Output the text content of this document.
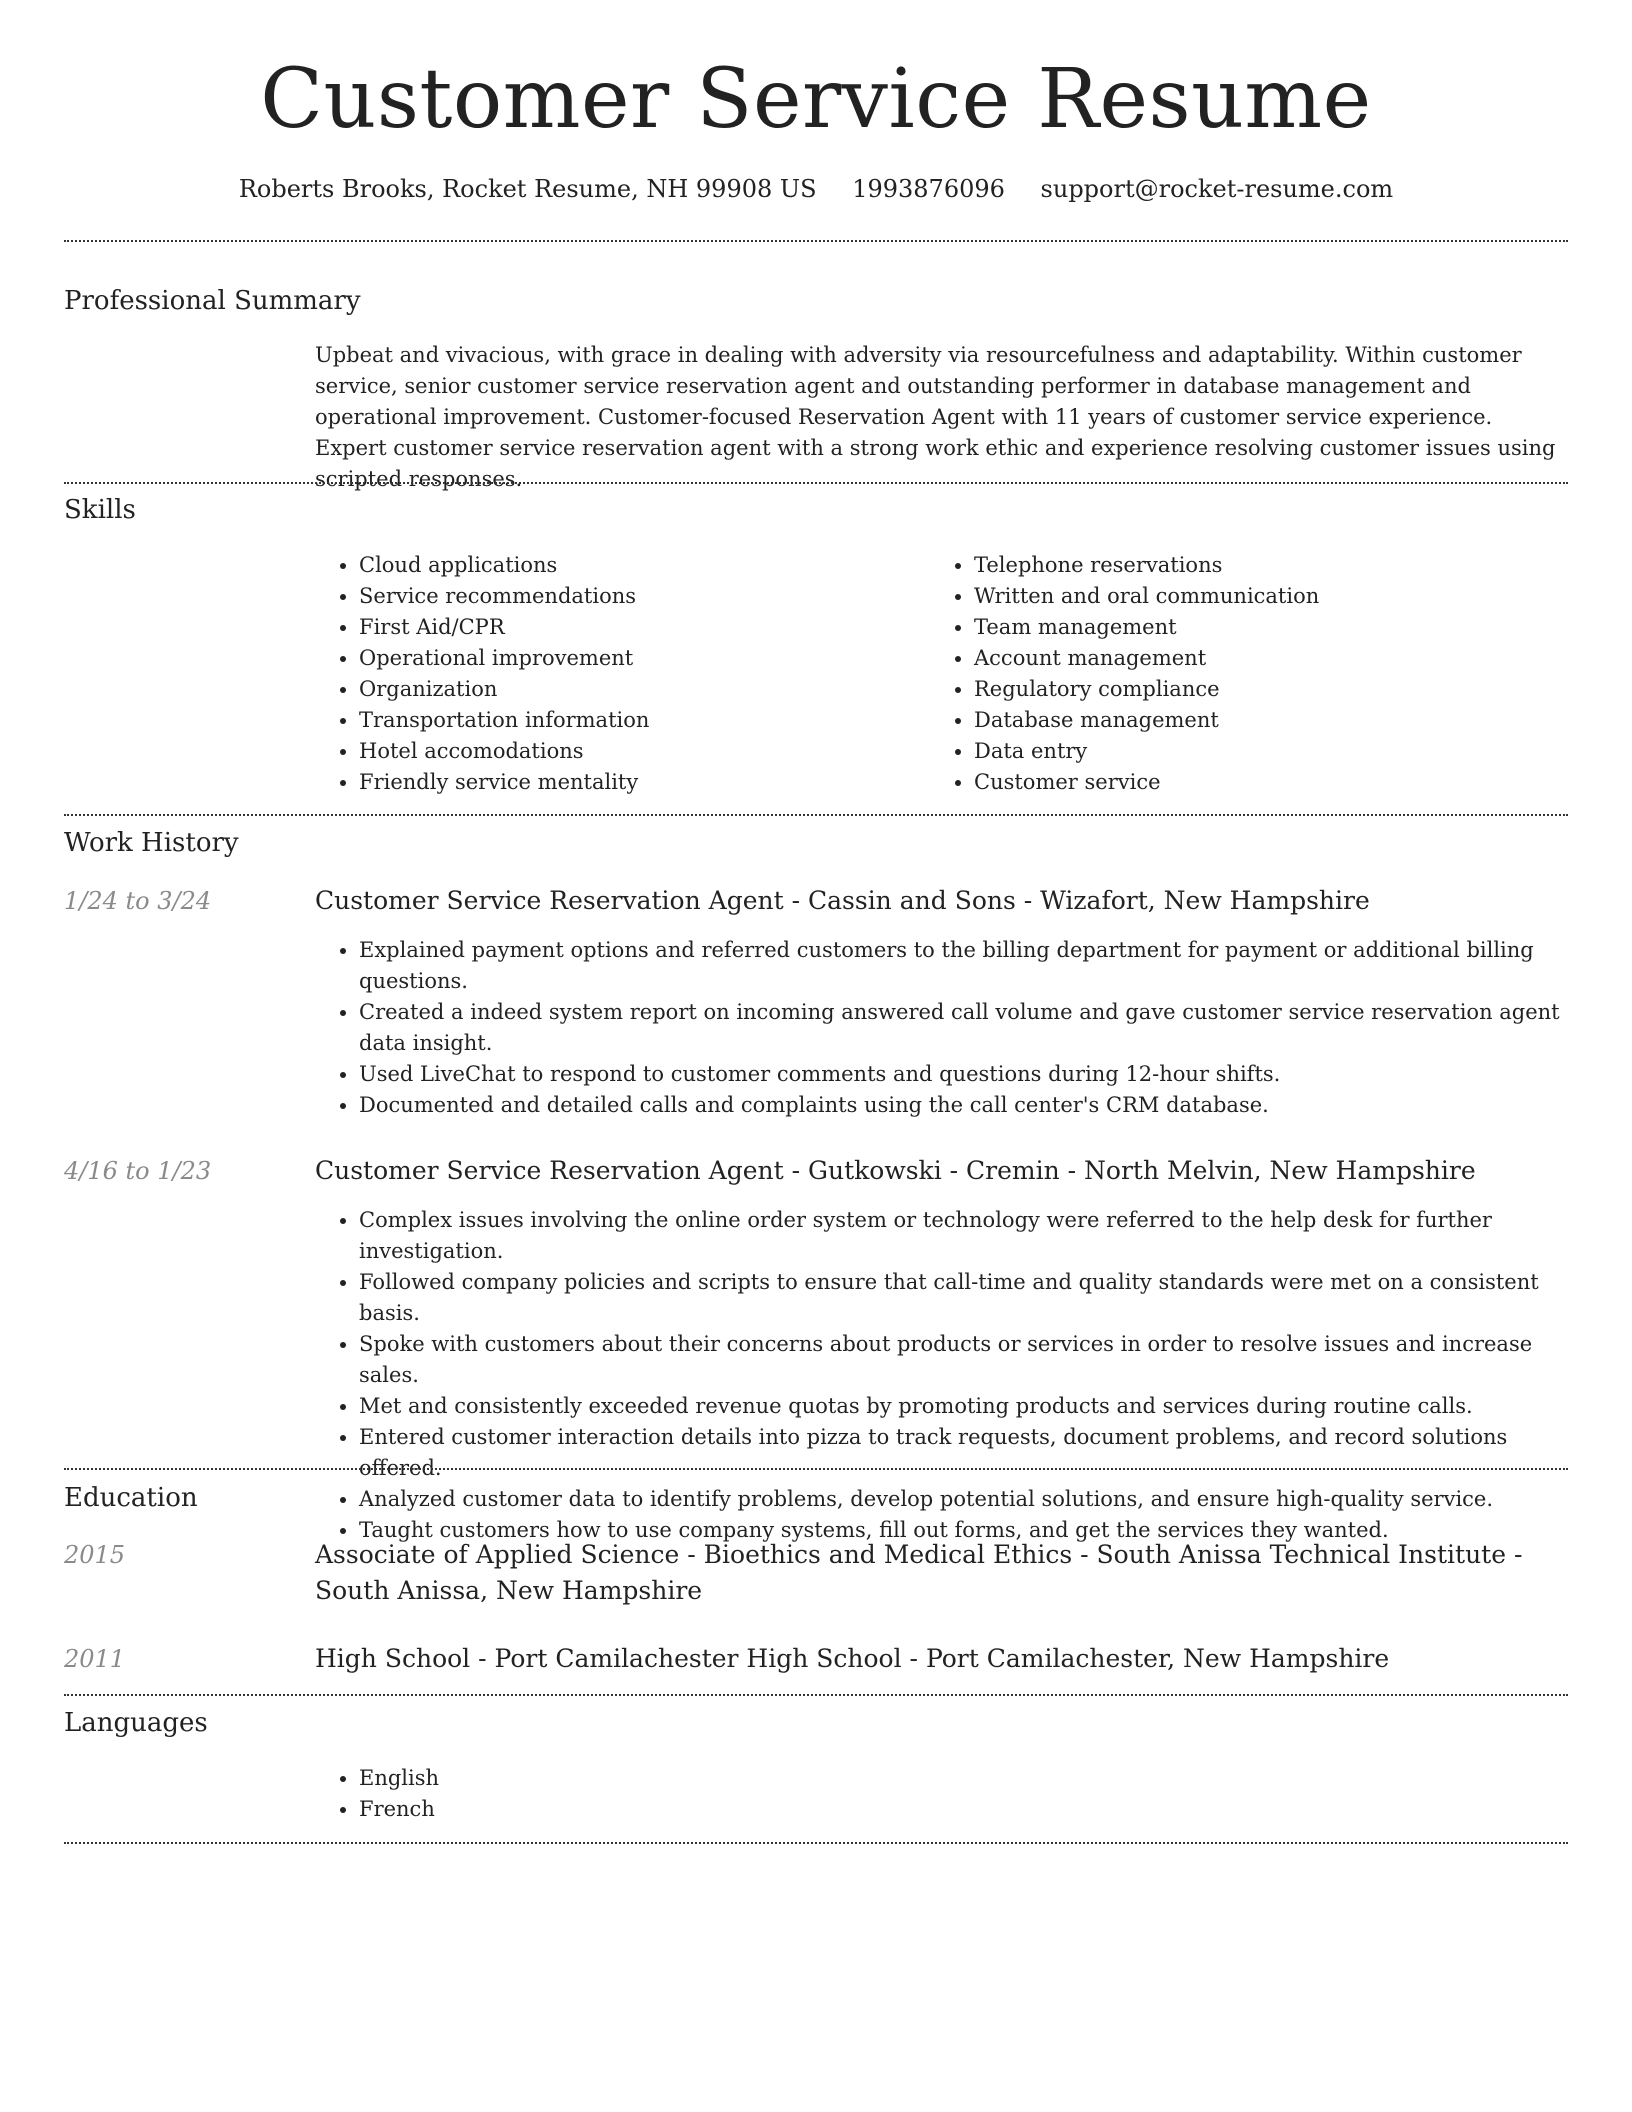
Customer Service Resume
Roberts Brooks, Rocket Resume, NH 99908 US 1993876096 support@rocket-resume.com
Professional Summary
Upbeat and vivacious, with grace in dealing with adversity via resourcefulness and adaptability. Within customer service, senior customer service reservation agent and outstanding performer in database management and operational improvement. Customer-focused Reservation Agent with 11 years of customer service experience. Expert customer service reservation agent with a strong work ethic and experience resolving customer issues using scripted responses.
Skills
• Cloud applications
• Service recommendations
• First Aid/CPR
• Operational improvement
• Organization
• Transportation information
• Hotel accomodations
• Friendly service mentality
• Telephone reservations
• Written and oral communication
• Team management
• Account management
• Regulatory compliance
• Database management
• Data entry
• Customer service
Work History
1/24 to 3/24	Customer Service Reservation Agent - Cassin and Sons - Wizafort, New Hampshire
• Explained payment options and referred customers to the billing department for payment or additional billing questions.
• Created a indeed system report on incoming answered call volume and gave customer service reservation agent data insight.
• Used LiveChat to respond to customer comments and questions during 12-hour shifts.
• Documented and detailed calls and complaints using the call center's CRM database.
4/16 to 1/23	Customer Service Reservation Agent - Gutkowski - Cremin - North Melvin, New Hampshire
• Complex issues involving the online order system or technology were referred to the help desk for further investigation.
• Followed company policies and scripts to ensure that call-time and quality standards were met on a consistent basis.
• Spoke with customers about their concerns about products or services in order to resolve issues and increase sales.
• Met and consistently exceeded revenue quotas by promoting products and services during routine calls.
• Entered customer interaction details into pizza to track requests, document problems, and record solutions offered.
• Analyzed customer data to identify problems, develop potential solutions, and ensure high-quality service.
• Taught customers how to use company systems, fill out forms, and get the services they wanted.
Education
2015	Associate of Applied Science - Bioethics and Medical Ethics - South Anissa Technical Institute - South Anissa, New Hampshire
2011	High School - Port Camilachester High School - Port Camilachester, New Hampshire
Languages
• English
• French
